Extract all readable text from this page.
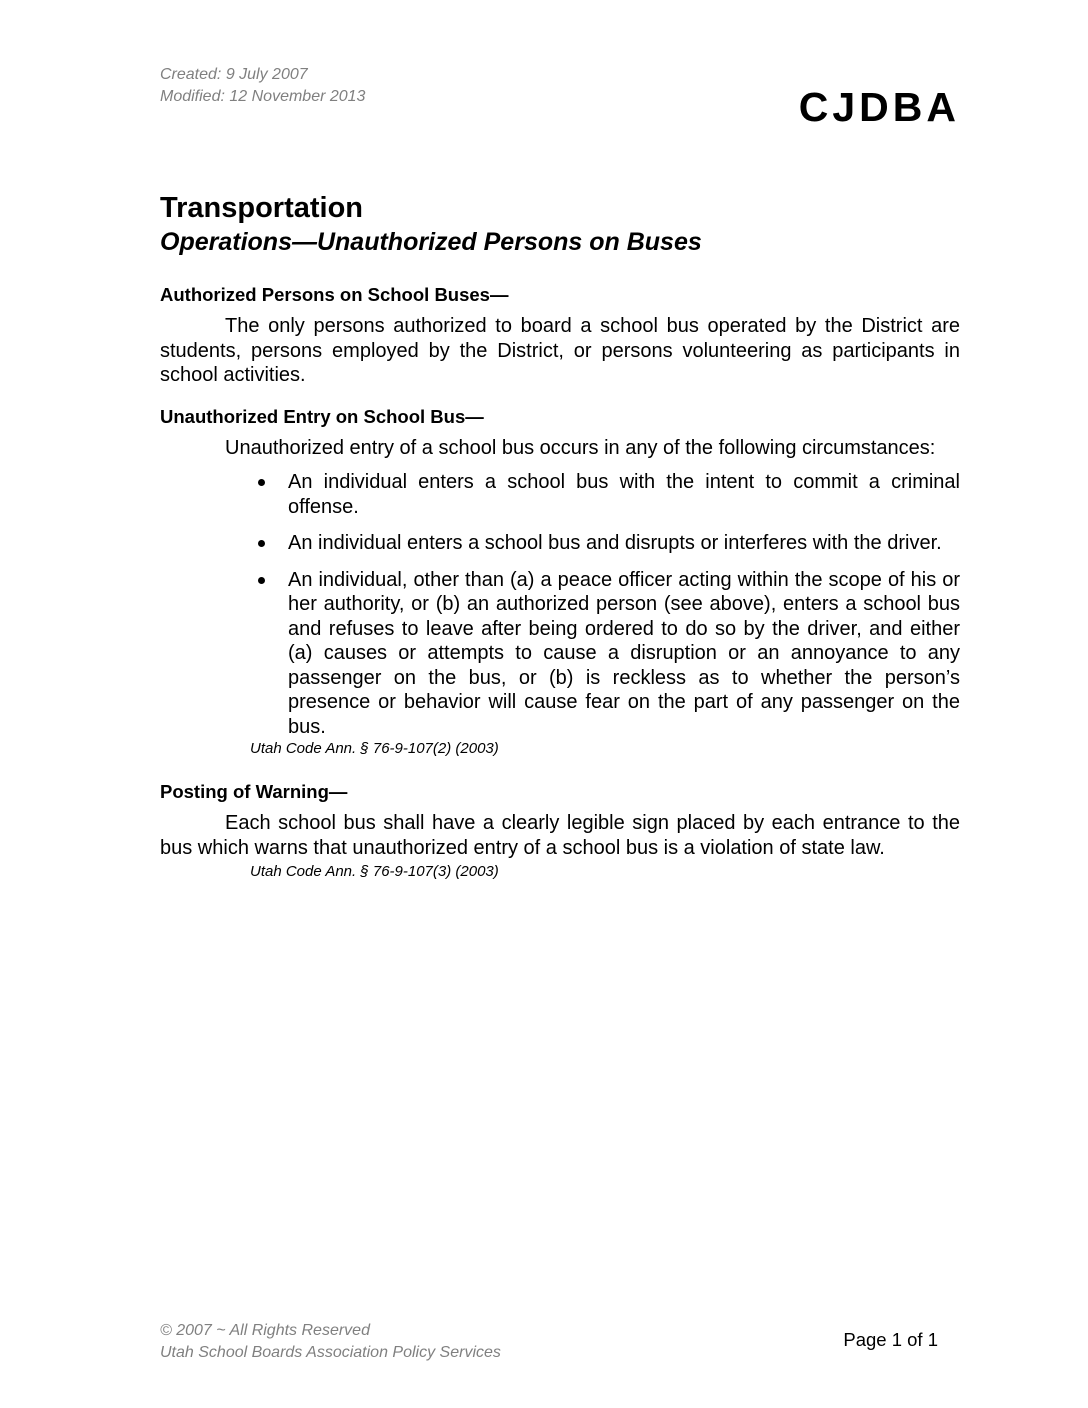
Created: 9 July 2007
Modified: 12 November 2013	CJDBA
Transportation
Operations—Unauthorized Persons on Buses
Authorized Persons on School Buses—

The only persons authorized to board a school bus operated by the District are students, persons employed by the District, or persons volunteering as participants in school activities.

Unauthorized Entry on School Bus—

Unauthorized entry of a school bus occurs in any of the following circumstances:

An individual enters a school bus with the intent to commit a criminal offense.
An individual enters a school bus and disrupts or interferes with the driver.
An individual, other than (a) a peace officer acting within the scope of his or her authority, or (b) an authorized person (see above), enters a school bus and refuses to leave after being ordered to do so by the driver, and either (a) causes or attempts to cause a disruption or an annoyance to any passenger on the bus, or (b) is reckless as to whether the person’s presence or behavior will cause fear on the part of any passenger on the bus.
Utah Code Ann. § 76-9-107(2) (2003)
Posting of Warning—

Each school bus shall have a clearly legible sign placed by each entrance to the bus which warns that unauthorized entry of a school bus is a violation of state law.

Utah Code Ann. § 76-9-107(3) (2003)
© 2007 ~ All Rights Reserved
Utah School Boards Association Policy Services
Page 1 of 1
